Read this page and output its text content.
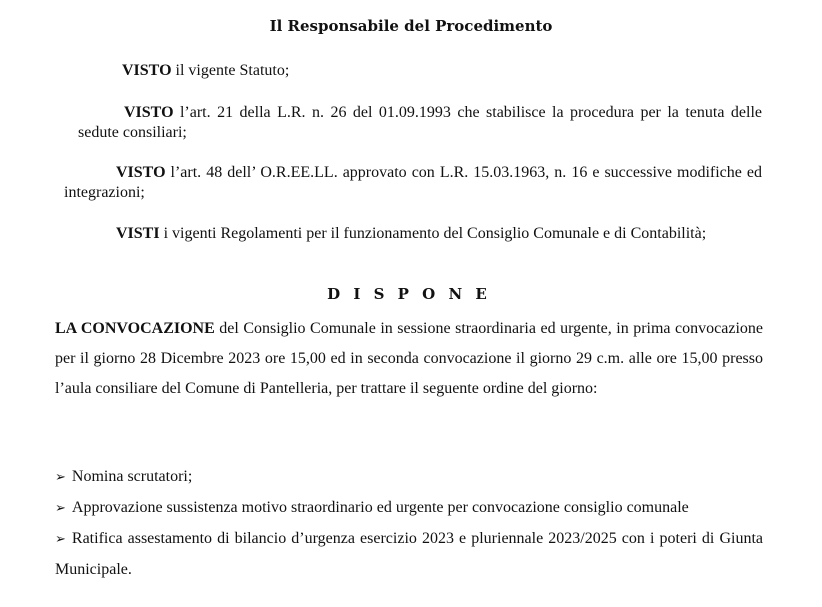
Il Responsabile del Procedimento
VISTO il vigente Statuto;
VISTO l’art. 21 della L.R. n. 26 del 01.09.1993 che stabilisce la procedura per la tenuta delle sedute consiliari;
VISTO l’art. 48 dell’ O.R.EE.LL. approvato con L.R. 15.03.1963, n. 16 e successive modifiche ed integrazioni;
VISTI i vigenti Regolamenti per il funzionamento del Consiglio Comunale e di Contabilità;
D I S P O N E
LA CONVOCAZIONE del Consiglio Comunale in sessione straordinaria ed urgente, in prima convocazione per il giorno 28 Dicembre 2023 ore 15,00 ed in seconda convocazione il giorno 29 c.m. alle ore 15,00 presso l’aula consiliare del Comune di Pantelleria, per trattare il seguente ordine del giorno:
➢ Nomina scrutatori;
➢ Approvazione sussistenza motivo straordinario ed urgente per convocazione consiglio comunale
➢ Ratifica assestamento di bilancio d’urgenza esercizio 2023 e pluriennale 2023/2025 con i poteri di Giunta Municipale.
